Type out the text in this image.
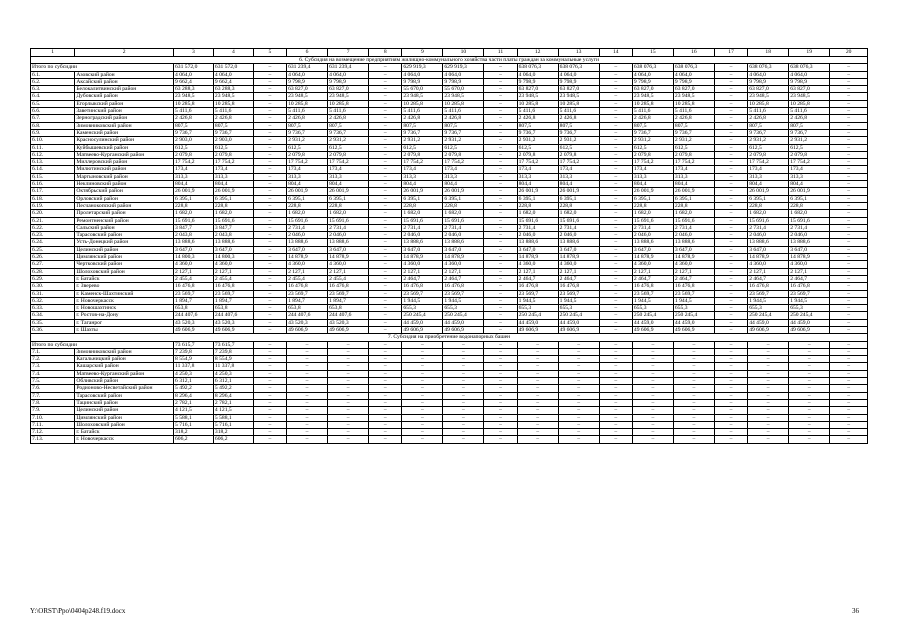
1	2	3	4	5	6	7	8	9	10	11	12	13	14	15	16	17	18	19	20
6. Субсидия на возмещение предприятиям жилищно-коммунального хозяйства части платы граждан за коммунальные услуги																			
Итого по субсидии		631 572,0	631 572,0	–	631 239,4	631 239,4	–	629 919,3	629 919,3	–	638 076,3	638 076,3	–	638 076,3	638 076,3	–	638 076,3	638 076,3	–
6.1.	Азовский район	4 064,0	4 064,0	–	4 064,0	4 064,0	–	4 064,0	4 064,0	–	4 064,0	4 064,0	–	4 064,0	4 064,0	–	4 064,0	4 064,0	–
6.2.	Аксайский район	9 662,4	9 662,4	–	9 798,9	9 798,9	–	9 798,9	9 798,9	–	9 798,9	9 798,9	–	9 798,9	9 798,9	–	9 798,9	9 798,9	–
6.3.	Белокалитвинский район	63 288,3	63 288,3	–	63 827,0	63 827,0	–	55 670,0	55 670,0	–	63 827,0	63 827,0	–	63 827,0	63 827,0	–	63 827,0	63 827,0	–
6.4.	Дубовский район	23 948,5	23 948,5	–	23 948,5	23 948,5	–	23 948,5	23 948,5	–	23 948,5	23 948,5	–	23 948,5	23 948,5	–	23 948,5	23 948,5	–
6.5.	Егорлыкский район	10 285,8	10 285,8	–	10 285,8	10 285,8	–	10 285,8	10 285,8	–	10 285,8	10 285,8	–	10 285,8	10 285,8	–	10 285,8	10 285,8	–
6.6.	Заветинский район	5 411,6	5 411,6	–	5 411,6	5 411,6	–	5 411,6	5 411,6	–	5 411,6	5 411,6	–	5 411,6	5 411,6	–	5 411,6	5 411,6	–
6.7.	Зерноградский район	2 426,8	2 426,8	–	2 426,8	2 426,8	–	2 426,8	2 426,8	–	2 426,8	2 426,8	–	2 426,8	2 426,8	–	2 426,8	2 426,8	–
6.8.	Зимовниковский район	807,5	807,5	–	807,5	807,5	–	807,5	807,5	–	807,5	807,5	–	807,5	807,5	–	807,5	807,5	–
6.9.	Каменский район	9 736,7	9 736,7	–	9 736,7	9 736,7	–	9 736,7	9 736,7	–	9 736,7	9 736,7	–	9 736,7	9 736,7	–	9 736,7	9 736,7	–
6.10.	Красносулинский район	2 903,0	2 903,0	–	2 931,2	2 931,2	–	2 931,2	2 931,2	–	2 931,2	2 931,2	–	2 931,2	2 931,2	–	2 931,2	2 931,2	–
6.11.	Куйбышевский район	612,5	612,5	–	612,5	612,5	–	612,5	612,5	–	612,5	612,5	–	612,5	612,5	–	612,5	612,5	–
6.12.	Матвеево-Курганский район	2 079,8	2 079,8	–	2 079,8	2 079,8	–	2 079,8	2 079,8	–	2 079,8	2 079,8	–	2 079,8	2 079,8	–	2 079,8	2 079,8	–
6.13.	Миллеровский район	17 754,2	17 754,2	–	17 754,2	17 754,2	–	17 754,2	17 754,2	–	17 754,2	17 754,2	–	17 754,2	17 754,2	–	17 754,2	17 754,2	–
6.14.	Милютинский район	173,4	173,4	–	173,4	173,4	–	173,4	173,4	–	173,4	173,4	–	173,4	173,4	–	173,4	173,4	–
6.15.	Мартыновский район	313,3	313,3	–	313,3	313,3	–	313,3	313,3	–	313,3	313,3	–	313,3	313,3	–	313,3	313,3	–
6.16.	Неклиновский район	804,4	804,4	–	804,4	804,4	–	804,4	804,4	–	804,4	804,4	–	804,4	804,4	–	804,4	804,4	–
6.17.	Октябрьский район	26 001,9	26 001,9	–	26 001,9	26 001,9	–	26 001,9	26 001,9	–	26 001,9	26 001,9	–	26 001,9	26 001,9	–	26 001,9	26 001,9	–
6.18.	Орловский район	6 395,1	6 395,1	–	6 395,1	6 395,1	–	6 395,1	6 395,1	–	6 395,1	6 395,1	–	6 395,1	6 395,1	–	6 395,1	6 395,1	–
6.19.	Песчанокопский район	228,8	228,8	–	228,8	228,8	–	228,8	228,8	–	228,8	228,8	–	228,8	228,8	–	228,8	228,8	–
6.20.	Пролетарский район	1 682,0	1 682,0	–	1 682,0	1 682,0	–	1 682,0	1 682,0	–	1 682,0	1 682,0	–	1 682,0	1 682,0	–	1 682,0	1 682,0	–
6.21.	Ремонтненский район	15 691,6	15 691,6	–	15 691,6	15 691,6	–	15 691,6	15 691,6	–	15 691,6	15 691,6	–	15 691,6	15 691,6	–	15 691,6	15 691,6	–
6.22.	Сальский район	3 847,7	3 847,7	–	2 731,4	2 731,4	–	2 731,4	2 731,4	–	2 731,4	2 731,4	–	2 731,4	2 731,4	–	2 731,4	2 731,4	–
6.23.	Тарасовский район	2 043,8	2 043,8	–	2 046,0	2 046,0	–	2 046,0	2 046,0	–	2 046,0	2 046,0	–	2 046,0	2 046,0	–	2 046,0	2 046,0	–
6.24.	Усть-Донецкий район	13 888,6	13 888,6	–	13 888,6	13 888,6	–	13 888,6	13 888,6	–	13 888,6	13 888,6	–	13 888,6	13 888,6	–	13 888,6	13 888,6	–
6.25.	Целинский район	3 647,0	3 647,0	–	3 647,0	3 647,0	–	3 647,0	3 647,0	–	3 647,0	3 647,0	–	3 647,0	3 647,0	–	3 647,0	3 647,0	–
6.26.	Цимлянский район	14 800,3	14 800,3	–	14 878,9	14 878,9	–	14 878,9	14 878,9	–	14 878,9	14 878,9	–	14 878,9	14 878,9	–	14 878,9	14 878,9	–
6.27.	Чертковский район	4 360,0	4 360,0	–	4 360,0	4 360,0	–	4 360,0	4 360,0	–	4 360,0	4 360,0	–	4 360,0	4 360,0	–	4 360,0	4 360,0	–
6.28.	Шолоховский район	2 127,1	2 127,1	–	2 127,1	2 127,1	–	2 127,1	2 127,1	–	2 127,1	2 127,1	–	2 127,1	2 127,1	–	2 127,1	2 127,1	–
6.29.	г. Батайск	2 455,4	2 455,4	–	2 455,4	2 455,4	–	2 464,7	2 464,7	–	2 464,7	2 464,7	–	2 464,7	2 464,7	–	2 464,7	2 464,7	–
6.30.	г. Зверево	16 476,8	16 476,8	–	16 476,8	16 476,8	–	16 476,8	16 476,8	–	16 476,8	16 476,8	–	16 476,8	16 476,8	–	16 476,8	16 476,8	–
6.31.	г. Каменск-Шахтинский	23 569,7	23 569,7	–	23 569,7	23 569,7	–	23 569,7	23 569,7	–	23 569,7	23 569,7	–	23 569,7	23 569,7	–	23 569,7	23 569,7	–
6.32.	г. Новочеркасск	1 894,7	1 894,7	–	1 894,7	1 894,7	–	1 944,5	1 944,5	–	1 944,5	1 944,5	–	1 944,5	1 944,5	–	1 944,5	1 944,5	–
6.33.	г. Новошахтинск	653,8	653,8	–	653,8	653,8	–	655,3	655,3	–	655,3	655,3	–	655,3	655,3	–	655,3	655,3	–
6.34.	г. Ростов-на-Дону	244 407,6	244 407,6	–	244 407,6	244 407,6	–	250 245,4	250 245,4	–	250 245,4	250 245,4	–	250 245,4	250 245,4	–	250 245,4	250 245,4	–
6.35.	г. Таганрог	43 520,3	43 520,3	–	43 520,3	43 520,3	–	44 459,0	44 459,0	–	44 459,0	44 459,0	–	44 459,0	44 459,0	–	44 459,0	44 459,0	–
6.36.	г. Шахты	49 606,9	49 606,9	–	49 606,9	49 606,9	–	49 606,9	49 606,9	–	49 606,9	49 606,9	–	49 606,9	49 606,9	–	49 606,9	49 606,9	–
7. Субсидия на приобретение водонапорных башен																			
Итого по субсидии		73 615,7	73 615,7	–	–	–	–	–	–	–	–	–	–	–	–	–	–	–	–
7.1.	Зимовниковский район	7 239,8	7 239,8	–	–	–	–	–	–	–	–	–	–	–	–	–	–	–	–
7.2.	Кагальницкий район	8 554,9	8 554,9	–	–	–	–	–	–	–	–	–	–	–	–	–	–	–	–
7.3.	Кашарский район	11 337,8	11 337,8	–	–	–	–	–	–	–	–	–	–	–	–	–	–	–	–
7.4.	Матвеево-Курганский район	4 250,3	4 250,3	–	–	–	–	–	–	–	–	–	–	–	–	–	–	–	–
7.5.	Обливский район	6 312,1	6 312,1	–	–	–	–	–	–	–	–	–	–	–	–	–	–	–	–
7.6.	Родионово-Несветайский район	5 492,2	5 492,2	–	–	–	–	–	–	–	–	–	–	–	–	–	–	–	–
7.7.	Тарасовский район	8 296,4	8 296,4	–	–	–	–	–	–	–	–	–	–	–	–	–	–	–	–
7.8.	Тацинский район	2 782,1	2 782,1	–	–	–	–	–	–	–	–	–	–	–	–	–	–	–	–
7.9.	Целинский район	4 121,5	4 121,5	–	–	–	–	–	–	–	–	–	–	–	–	–	–	–	–
7.10.	Цимлянский район	5 588,1	5 588,1	–	–	–	–	–	–	–	–	–	–	–	–	–	–	–	–
7.11.	Шолоховский район	5 716,1	5 716,1	–	–	–	–	–	–	–	–	–	–	–	–	–	–	–	–
7.12.	г. Батайск	318,2	318,2	–	–	–	–	–	–	–	–	–	–	–	–	–	–	–	–
7.13.	г. Новочеркасск	606,2	606,2	–	–	–	–	–	–	–	–	–	–	–	–	–	–	–	–
Y:\ORST\Ppo\0404p248.f19.docx	36
